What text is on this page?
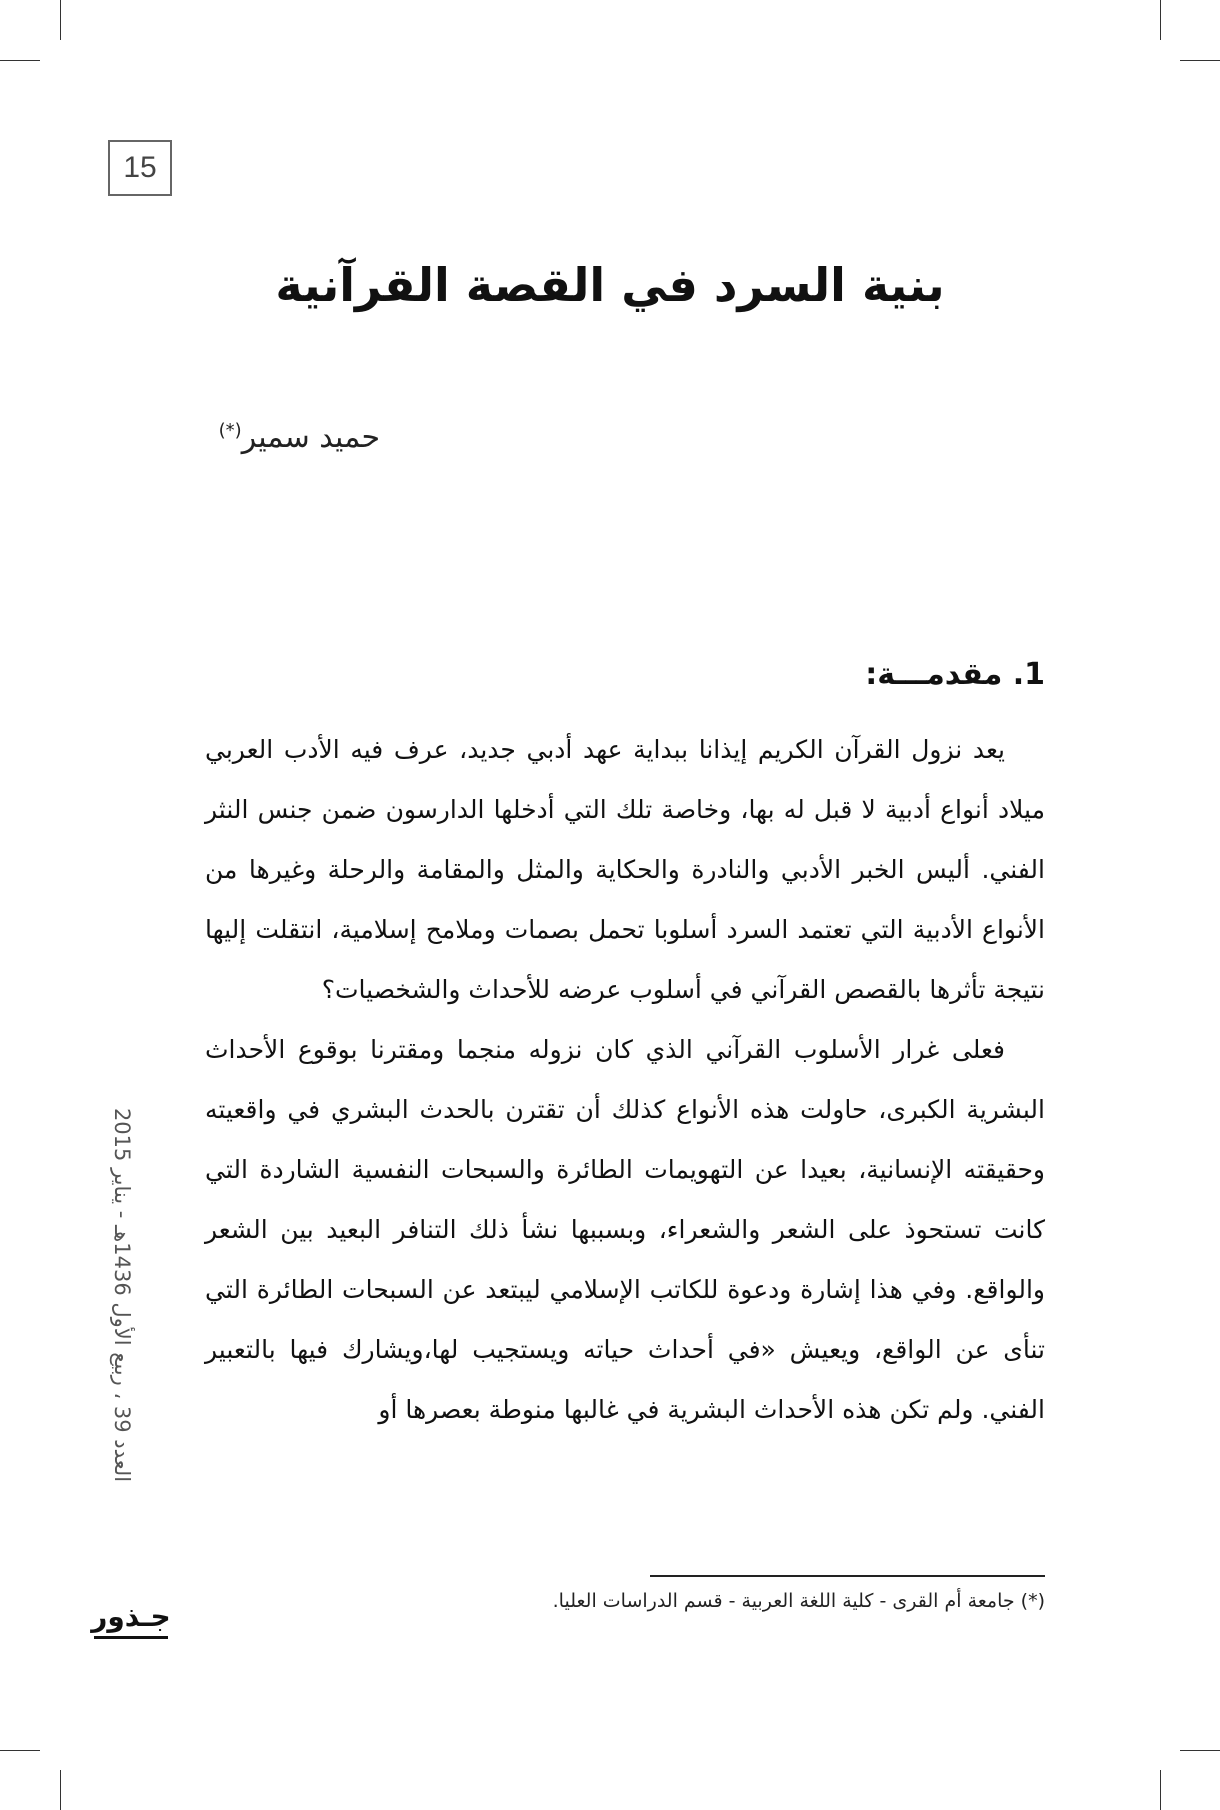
15
بنية السرد في القصة القرآنية
حميد سمير(*)
1. مقدمـــة:

يعد نزول القرآن الكريم إيذانا ببداية عهد أدبي جديد، عرف فيه الأدب العربي ميلاد أنواع أدبية لا قبل له بها، وخاصة تلك التي أدخلها الدارسون ضمن جنس النثر الفني. أليس الخبر الأدبي والنادرة والحكاية والمثل والمقامة والرحلة وغيرها من الأنواع الأدبية التي تعتمد السرد أسلوبا تحمل بصمات وملامح إسلامية، انتقلت إليها نتيجة تأثرها بالقصص القرآني في أسلوب عرضه للأحداث والشخصيات؟

فعلى غرار الأسلوب القرآني الذي كان نزوله منجما ومقترنا بوقوع الأحداث البشرية الكبرى، حاولت هذه الأنواع كذلك أن تقترن بالحدث البشري في واقعيته وحقيقته الإنسانية، بعيدا عن التهويمات الطائرة والسبحات النفسية الشاردة التي كانت تستحوذ على الشعر والشعراء، وبسببها نشأ ذلك التنافر البعيد بين الشعر والواقع. وفي هذا إشارة ودعوة للكاتب الإسلامي ليبتعد عن السبحات الطائرة التي تنأى عن الواقع، ويعيش «في أحداث حياته ويستجيب لها،ويشارك فيها بالتعبير الفني. ولم تكن هذه الأحداث البشرية في غالبها منوطة بعصرها أو

(*) جامعة أم القرى - كلية اللغة العربية - قسم الدراسات العليا.
العدد 39 ، ربيع الأول 1436هـ - يناير 2015
جـذور
